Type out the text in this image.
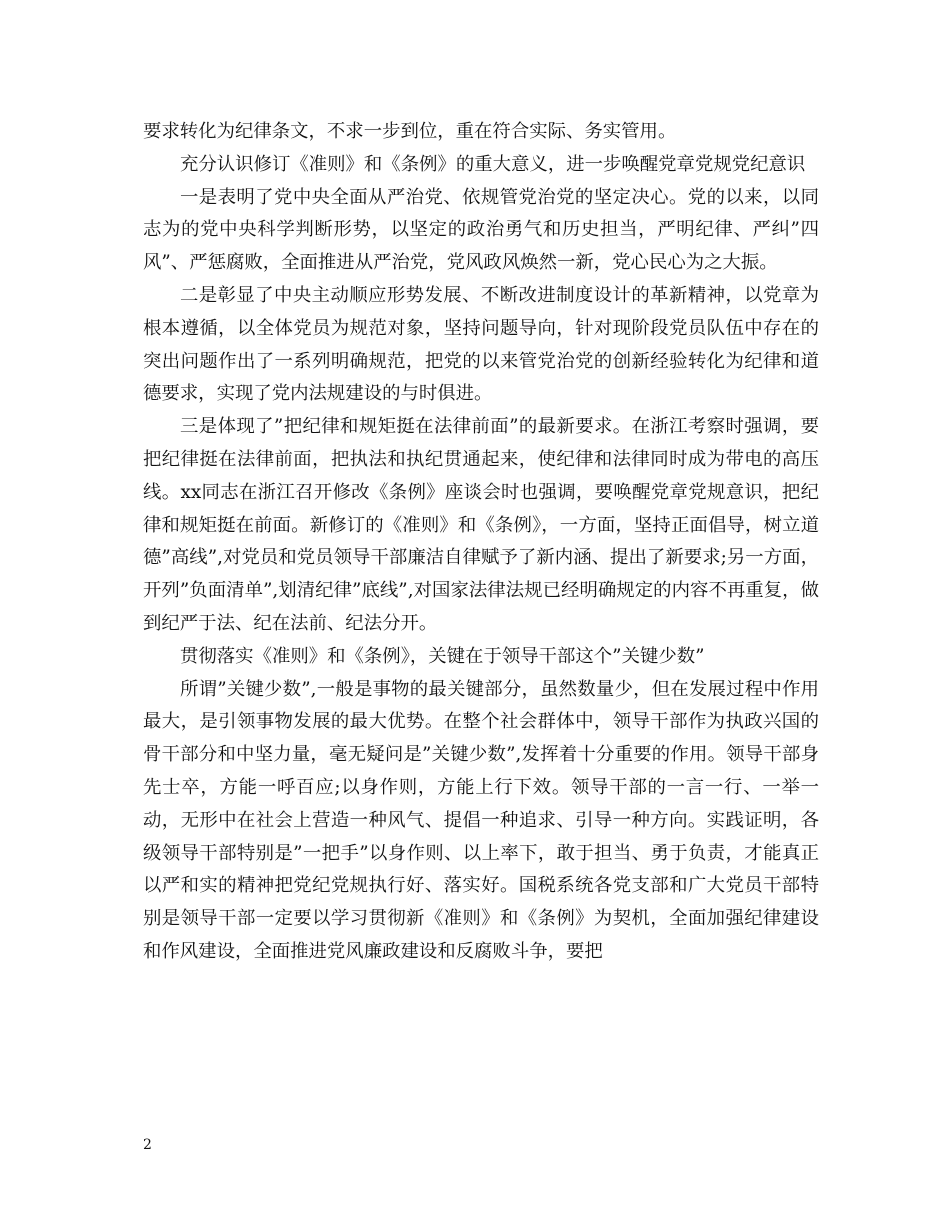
要求转化为纪律条文，不求一步到位，重在符合实际、务实管用。

充分认识修订《准则》和《条例》的重大意义，进一步唤醒党章党规党纪意识

一是表明了党中央全面从严治党、依规管党治党的坚定决心。党的以来，以同志为的党中央科学判断形势，以坚定的政治勇气和历史担当，严明纪律、严纠”四风”、严惩腐败，全面推进从严治党，党风政风焕然一新，党心民心为之大振。

二是彰显了中央主动顺应形势发展、不断改进制度设计的革新精神，以党章为根本遵循，以全体党员为规范对象，坚持问题导向，针对现阶段党员队伍中存在的突出问题作出了一系列明确规范，把党的以来管党治党的创新经验转化为纪律和道德要求，实现了党内法规建设的与时俱进。

三是体现了”把纪律和规矩挺在法律前面”的最新要求。在浙江考察时强调，要把纪律挺在法律前面，把执法和执纪贯通起来，使纪律和法律同时成为带电的高压线。xx同志在浙江召开修改《条例》座谈会时也强调，要唤醒党章党规意识，把纪律和规矩挺在前面。新修订的《准则》和《条例》，一方面，坚持正面倡导，树立道德”高线”,对党员和党员领导干部廉洁自律赋予了新内涵、提出了新要求;另一方面，开列”负面清单”,划清纪律”底线”,对国家法律法规已经明确规定的内容不再重复，做到纪严于法、纪在法前、纪法分开。

贯彻落实《准则》和《条例》，关键在于领导干部这个”关键少数”

所谓”关键少数”,一般是事物的最关键部分，虽然数量少，但在发展过程中作用最大，是引领事物发展的最大优势。在整个社会群体中，领导干部作为执政兴国的骨干部分和中坚力量，毫无疑问是”关键少数”,发挥着十分重要的作用。领导干部身先士卒，方能一呼百应;以身作则，方能上行下效。领导干部的一言一行、一举一动，无形中在社会上营造一种风气、提倡一种追求、引导一种方向。实践证明，各级领导干部特别是”一把手”以身作则、以上率下，敢于担当、勇于负责，才能真正以严和实的精神把党纪党规执行好、落实好。国税系统各党支部和广大党员干部特别是领导干部一定要以学习贯彻新《准则》和《条例》为契机，全面加强纪律建设和作风建设，全面推进党风廉政建设和反腐败斗争，要把

2
